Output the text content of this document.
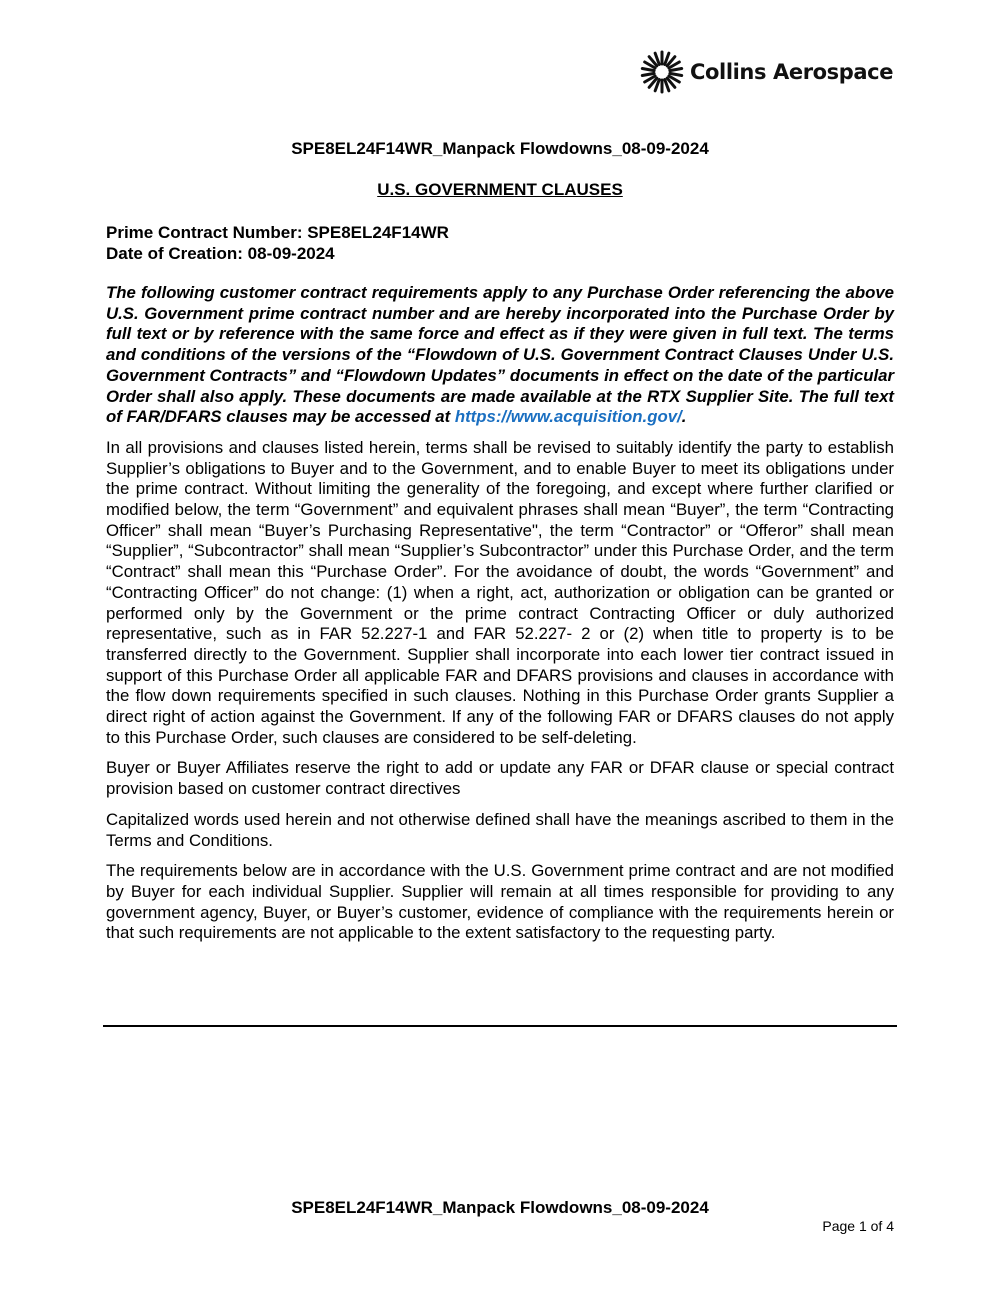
Collins Aerospace
SPE8EL24F14WR_Manpack Flowdowns_08-09-2024
U.S. GOVERNMENT CLAUSES
Prime Contract Number: SPE8EL24F14WR
Date of Creation: 08-09-2024

The following customer contract requirements apply to any Purchase Order referencing the above U.S. Government prime contract number and are hereby incorporated into the Purchase Order by full text or by reference with the same force and effect as if they were given in full text. The terms and conditions of the versions of the “Flowdown of U.S. Government Contract Clauses Under U.S. Government Contracts” and “Flowdown Updates” documents in effect on the date of the particular Order shall also apply. These documents are made available at the RTX Supplier Site. The full text of FAR/DFARS clauses may be accessed at https://www.acquisition.gov/.

In all provisions and clauses listed herein, terms shall be revised to suitably identify the party to establish Supplier’s obligations to Buyer and to the Government, and to enable Buyer to meet its obligations under the prime contract. Without limiting the generality of the foregoing, and except where further clarified or modified below, the term “Government” and equivalent phrases shall mean “Buyer”, the term “Contracting Officer” shall mean “Buyer’s Purchasing Representative", the term “Contractor” or “Offeror” shall mean “Supplier”, “Subcontractor” shall mean “Supplier’s Subcontractor” under this Purchase Order, and the term “Contract” shall mean this “Purchase Order”. For the avoidance of doubt, the words “Government” and “Contracting Officer” do not change: (1) when a right, act, authorization or obligation can be granted or performed only by the Government or the prime contract Contracting Officer or duly authorized representative, such as in FAR 52.227-1 and FAR 52.227- 2 or (2) when title to property is to be transferred directly to the Government. Supplier shall incorporate into each lower tier contract issued in support of this Purchase Order all applicable FAR and DFARS provisions and clauses in accordance with the flow down requirements specified in such clauses. Nothing in this Purchase Order grants Supplier a direct right of action against the Government. If any of the following FAR or DFARS clauses do not apply to this Purchase Order, such clauses are considered to be self-deleting.

Buyer or Buyer Affiliates reserve the right to add or update any FAR or DFAR clause or special contract provision based on customer contract directives

Capitalized words used herein and not otherwise defined shall have the meanings ascribed to them in the Terms and Conditions.

The requirements below are in accordance with the U.S. Government prime contract and are not modified by Buyer for each individual Supplier. Supplier will remain at all times responsible for providing to any government agency, Buyer, or Buyer’s customer, evidence of compliance with the requirements herein or that such requirements are not applicable to the extent satisfactory to the requesting party.

SPE8EL24F14WR_Manpack Flowdowns_08-09-2024
Page 1 of 4
